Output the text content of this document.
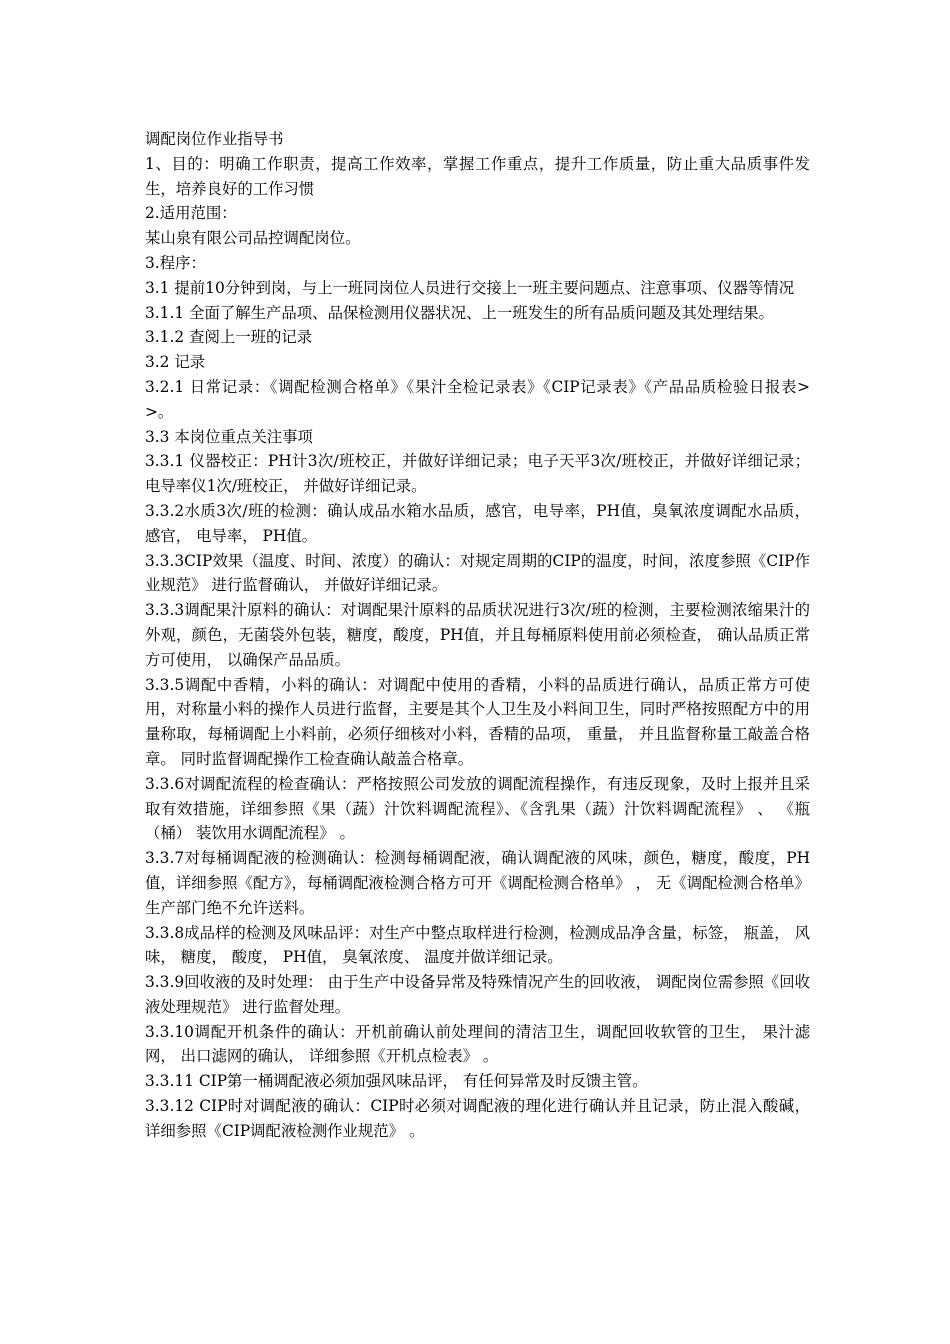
调配岗位作业指导书

1、目的：明确工作职责，提高工作效率，掌握工作重点，提升工作质量，防止重大品质事件发生，培养良好的工作习惯

2.适用范围：

某山泉有限公司品控调配岗位。

3.程序：

3.1 提前10分钟到岗，与上一班同岗位人员进行交接上一班主要问题点、注意事项、仪器等情况

3.1.1 全面了解生产品项、品保检测用仪器状况、上一班发生的所有品质问题及其处理结果。

3.1.2 查阅上一班的记录

3.2 记录

3.2.1 日常记录：《调配检测合格单》《果汁全检记录表》《CIP记录表》《产品品质检验日报表>>。

3.3 本岗位重点关注事项

3.3.1 仪器校正：PH计3次/班校正，并做好详细记录；电子天平3次/班校正，并做好详细记录； 电导率仪1次/班校正， 并做好详细记录。

3.3.2水质3次/班的检测：确认成品水箱水品质，感官，电导率，PH值，臭氧浓度调配水品质， 感官， 电导率， PH值。

3.3.3CIP效果（温度、时间、浓度）的确认：对规定周期的CIP的温度，时间，浓度参照《CIP作业规范》 进行监督确认， 并做好详细记录。

3.3.3调配果汁原料的确认：对调配果汁原料的品质状况进行3次/班的检测，主要检测浓缩果汁的外观，颜色，无菌袋外包装，糖度，酸度，PH值，并且每桶原料使用前必须检查， 确认品质正常方可使用， 以确保产品品质。

3.3.5调配中香精，小料的确认：对调配中使用的香精，小料的品质进行确认，品质正常方可使用，对称量小料的操作人员进行监督，主要是其个人卫生及小料间卫生，同时严格按照配方中的用量称取，每桶调配上小料前，必须仔细核对小料，香精的品项， 重量， 并且监督称量工敲盖合格章。 同时监督调配操作工检查确认敲盖合格章。

3.3.6对调配流程的检查确认：严格按照公司发放的调配流程操作，有违反现象，及时上报并且采取有效措施，详细参照《果（蔬）汁饮料调配流程》、《含乳果（蔬）汁饮料调配流程》 、 《瓶（桶） 装饮用水调配流程》 。

3.3.7对每桶调配液的检测确认：检测每桶调配液，确认调配液的风味，颜色，糖度，酸度，PH值，详细参照《配方》，每桶调配液检测合格方可开《调配检测合格单》 ， 无《调配检测合格单》 生产部门绝不允许送料。

3.3.8成品样的检测及风味品评：对生产中整点取样进行检测，检测成品净含量，标签， 瓶盖， 风味， 糖度， 酸度， PH值， 臭氧浓度、 温度并做详细记录。

3.3.9回收液的及时处理： 由于生产中设备异常及特殊情况产生的回收液， 调配岗位需参照《回收液处理规范》 进行监督处理。

3.3.10调配开机条件的确认：开机前确认前处理间的清洁卫生，调配回收软管的卫生， 果汁滤网， 出口滤网的确认， 详细参照《开机点检表》 。

3.3.11 CIP第一桶调配液必须加强风味品评， 有任何异常及时反馈主管。

3.3.12 CIP时对调配液的确认：CIP时必须对调配液的理化进行确认并且记录，防止混入酸碱， 详细参照《CIP调配液检测作业规范》 。
